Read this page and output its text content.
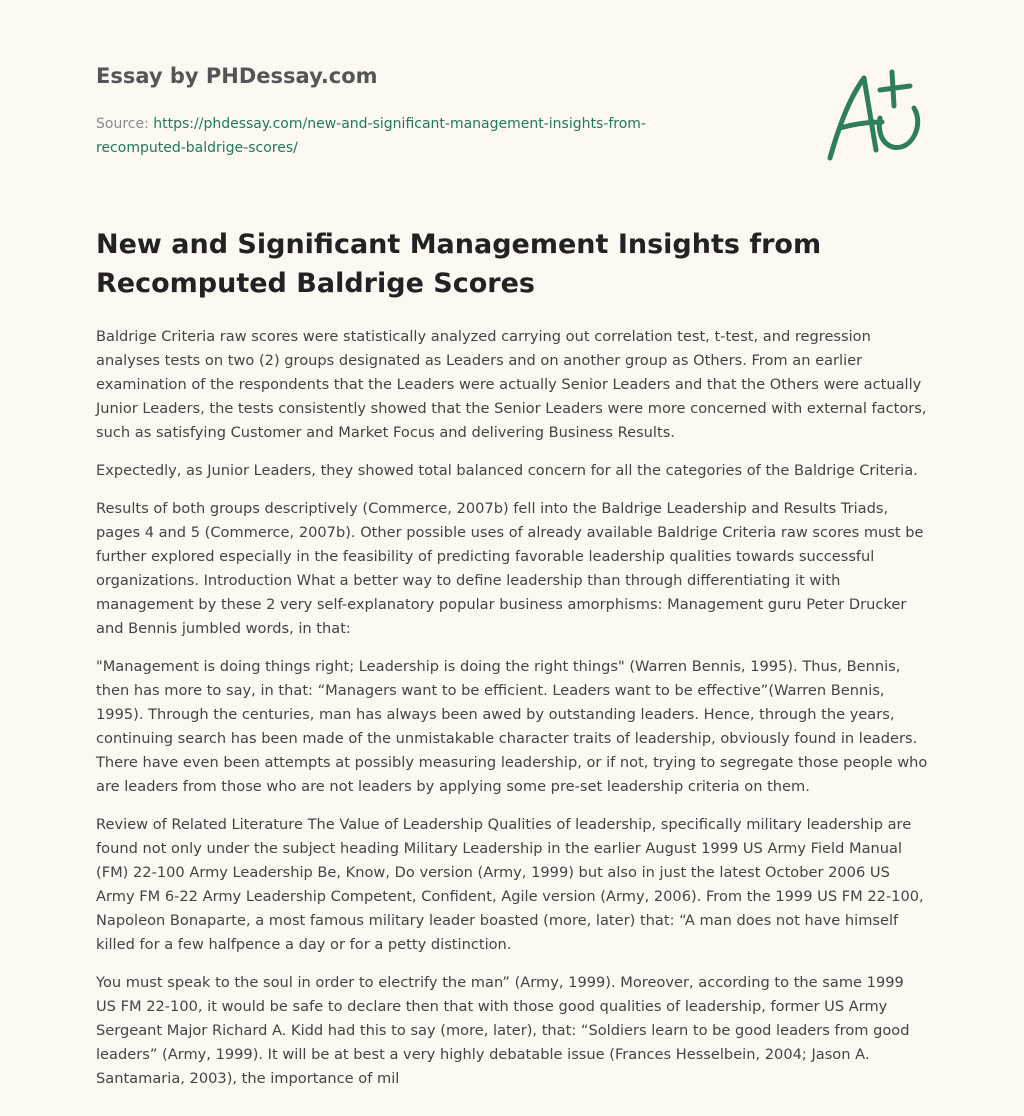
Essay by PHDessay.com
Source: https://phdessay.com/new-and-significant-management-insights-from-
recomputed-baldrige-scores/
New and Significant Management Insights from Recomputed Baldrige Scores

Baldrige Criteria raw scores were statistically analyzed carrying out correlation test, t-test, and regression analyses tests on two (2) groups designated as Leaders and on another group as Others. From an earlier examination of the respondents that the Leaders were actually Senior Leaders and that the Others were actually Junior Leaders, the tests consistently showed that the Senior Leaders were more concerned with external factors, such as satisfying Customer and Market Focus and delivering Business Results.

Expectedly, as Junior Leaders, they showed total balanced concern for all the categories of the Baldrige Criteria.

Results of both groups descriptively (Commerce, 2007b) fell into the Baldrige Leadership and Results Triads, pages 4 and 5 (Commerce, 2007b). Other possible uses of already available Baldrige Criteria raw scores must be further explored especially in the feasibility of predicting favorable leadership qualities towards successful organizations. Introduction What a better way to define leadership than through differentiating it with management by these 2 very self-explanatory popular business amorphisms: Management guru Peter Drucker and Bennis jumbled words, in that:

"Management is doing things right; Leadership is doing the right things" (Warren Bennis, 1995). Thus, Bennis, then has more to say, in that: “Managers want to be efficient. Leaders want to be effective”(Warren Bennis, 1995). Through the centuries, man has always been awed by outstanding leaders. Hence, through the years, continuing search has been made of the unmistakable character traits of leadership, obviously found in leaders. There have even been attempts at possibly measuring leadership, or if not, trying to segregate those people who are leaders from those who are not leaders by applying some pre-set leadership criteria on them.

Review of Related Literature The Value of Leadership Qualities of leadership, specifically military leadership are found not only under the subject heading Military Leadership in the earlier August 1999 US Army Field Manual (FM) 22-100 Army Leadership Be, Know, Do version (Army, 1999) but also in just the latest October 2006 US Army FM 6-22 Army Leadership Competent, Confident, Agile version (Army, 2006). From the 1999 US FM 22-100, Napoleon Bonaparte, a most famous military leader boasted (more, later) that: “A man does not have himself killed for a few halfpence a day or for a petty distinction.

You must speak to the soul in order to electrify the man” (Army, 1999). Moreover, according to the same 1999 US FM 22-100, it would be safe to declare then that with those good qualities of leadership, former US Army Sergeant Major Richard A. Kidd had this to say (more, later), that: “Soldiers learn to be good leaders from good leaders” (Army, 1999). It will be at best a very highly debatable issue (Frances Hesselbein, 2004; Jason A. Santamaria, 2003), the importance of mil
